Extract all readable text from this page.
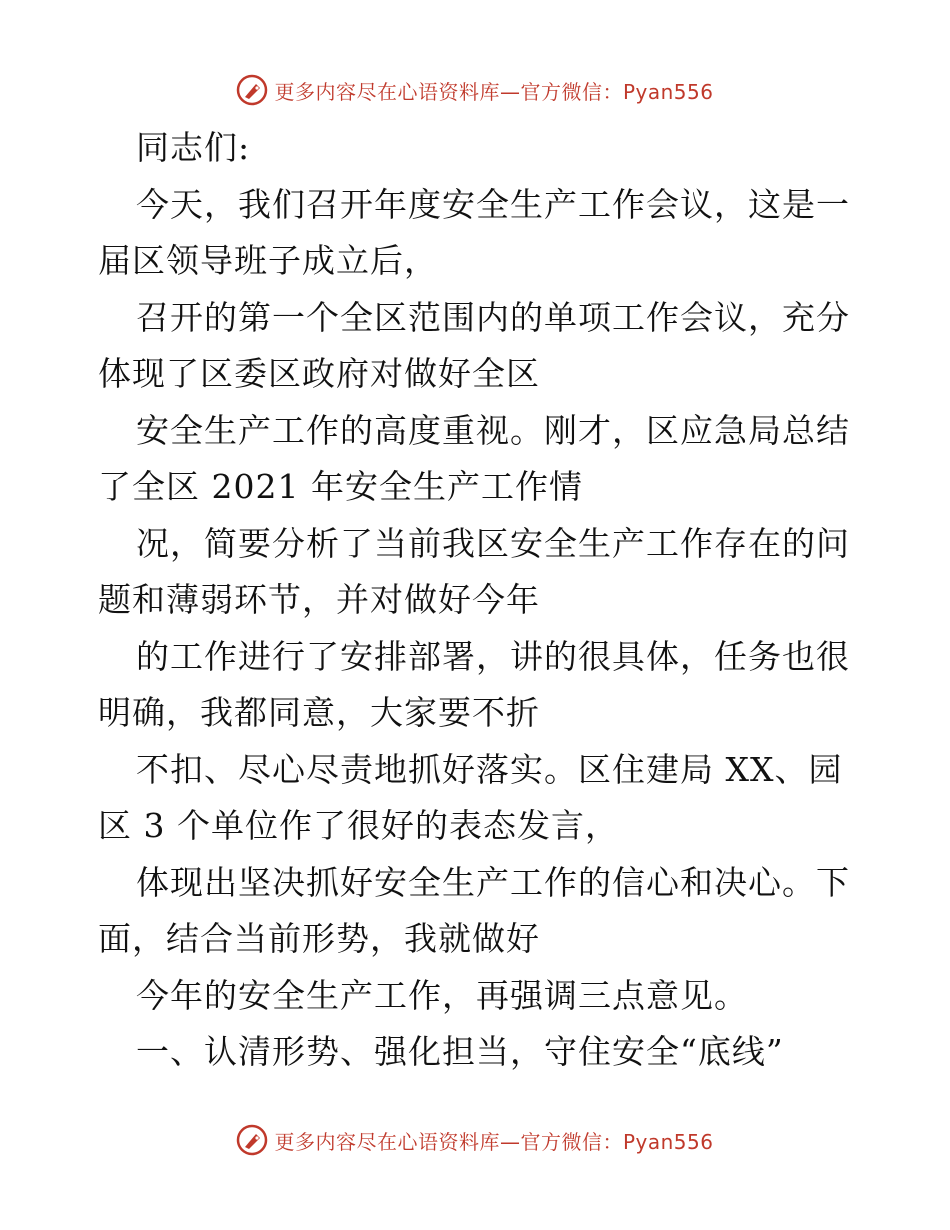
更多内容尽在心语资料库—官方微信：Pyan556
同志们:
今天，我们召开年度安全生产工作会议，这是一
届区领导班子成立后，
召开的第一个全区范围内的单项工作会议，充分
体现了区委区政府对做好全区
安全生产工作的高度重视。刚才，区应急局总结
了全区 2021 年安全生产工作情
况，简要分析了当前我区安全生产工作存在的问
题和薄弱环节，并对做好今年
的工作进行了安排部署，讲的很具体，任务也很
明确，我都同意，大家要不折
不扣、尽心尽责地抓好落实。区住建局 XX、园
区 3 个单位作了很好的表态发言，
体现出坚决抓好安全生产工作的信心和决心。下
面，结合当前形势，我就做好
今年的安全生产工作，再强调三点意见。
一、认清形势、强化担当，守住安全“底线”
更多内容尽在心语资料库—官方微信：Pyan556
